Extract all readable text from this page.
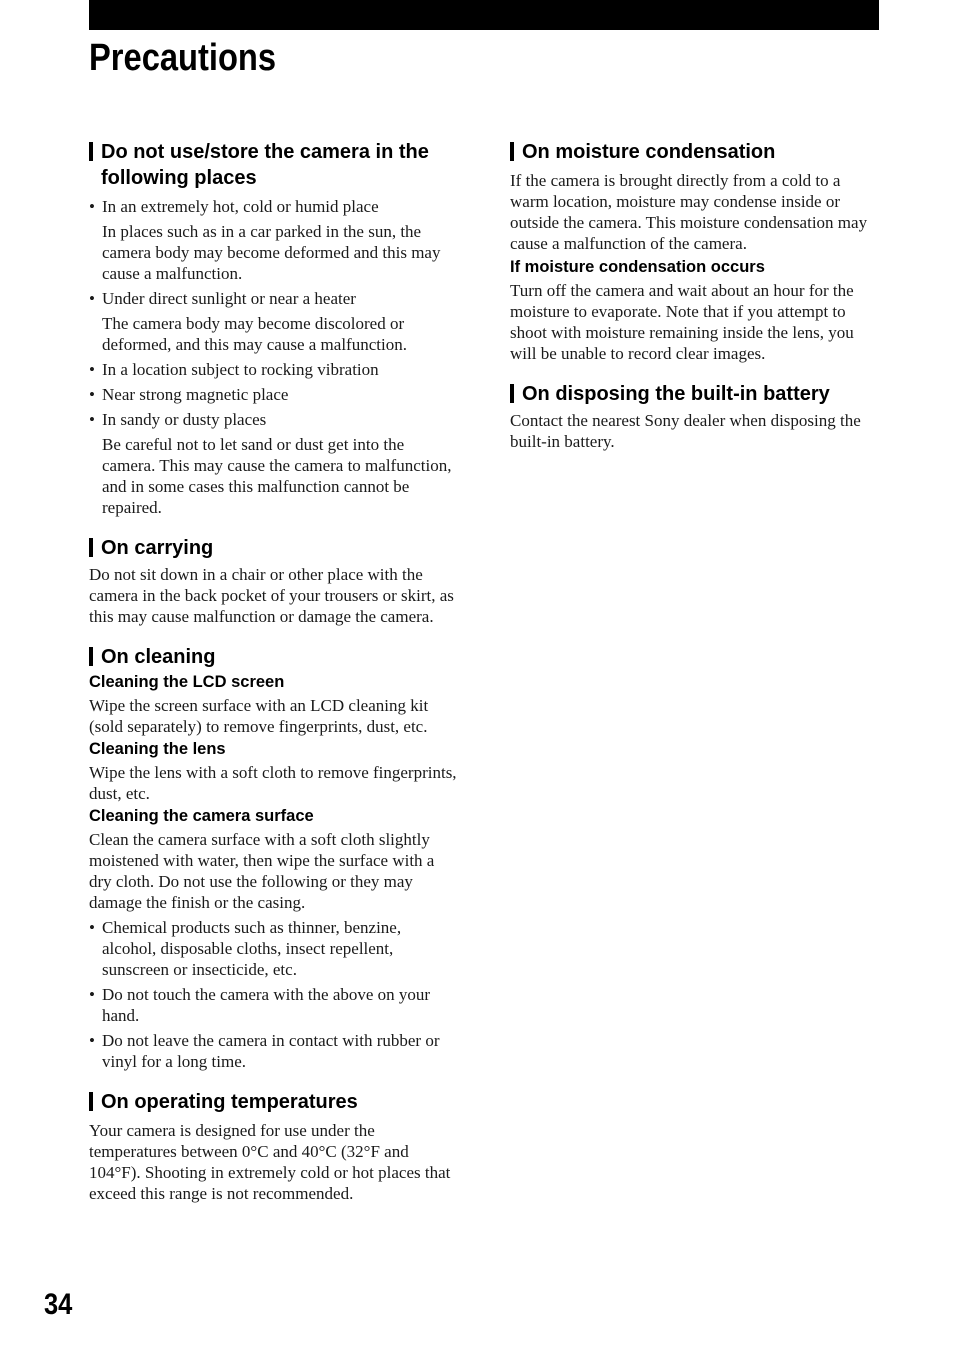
Precautions
Do not use/store the camera in the following places
• In an extremely hot, cold or humid place
In places such as in a car parked in the sun, the camera body may become deformed and this may cause a malfunction.
• Under direct sunlight or near a heater
The camera body may become discolored or deformed, and this may cause a malfunction.
• In a location subject to rocking vibration
• Near strong magnetic place
• In sandy or dusty places
Be careful not to let sand or dust get into the camera. This may cause the camera to malfunction, and in some cases this malfunction cannot be repaired.
On carrying

Do not sit down in a chair or other place with the camera in the back pocket of your trousers or skirt, as this may cause malfunction or damage the camera.

On cleaning
Cleaning the LCD screen

Wipe the screen surface with an LCD cleaning kit (sold separately) to remove fingerprints, dust, etc.

Cleaning the lens

Wipe the lens with a soft cloth to remove fingerprints, dust, etc.

Cleaning the camera surface

Clean the camera surface with a soft cloth slightly moistened with water, then wipe the surface with a dry cloth. Do not use the following or they may damage the finish or the casing.

• Chemical products such as thinner, benzine, alcohol, disposable cloths, insect repellent, sunscreen or insecticide, etc.
• Do not touch the camera with the above on your hand.
• Do not leave the camera in contact with rubber or vinyl for a long time.
On operating temperatures

Your camera is designed for use under the temperatures between 0°C and 40°C (32°F and 104°F). Shooting in extremely cold or hot places that exceed this range is not recommended.

On moisture condensation

If the camera is brought directly from a cold to a warm location, moisture may condense inside or outside the camera. This moisture condensation may cause a malfunction of the camera.

If moisture condensation occurs

Turn off the camera and wait about an hour for the moisture to evaporate. Note that if you attempt to shoot with moisture remaining inside the lens, you will be unable to record clear images.

On disposing the built-in battery

Contact the nearest Sony dealer when disposing the built-in battery.

34
